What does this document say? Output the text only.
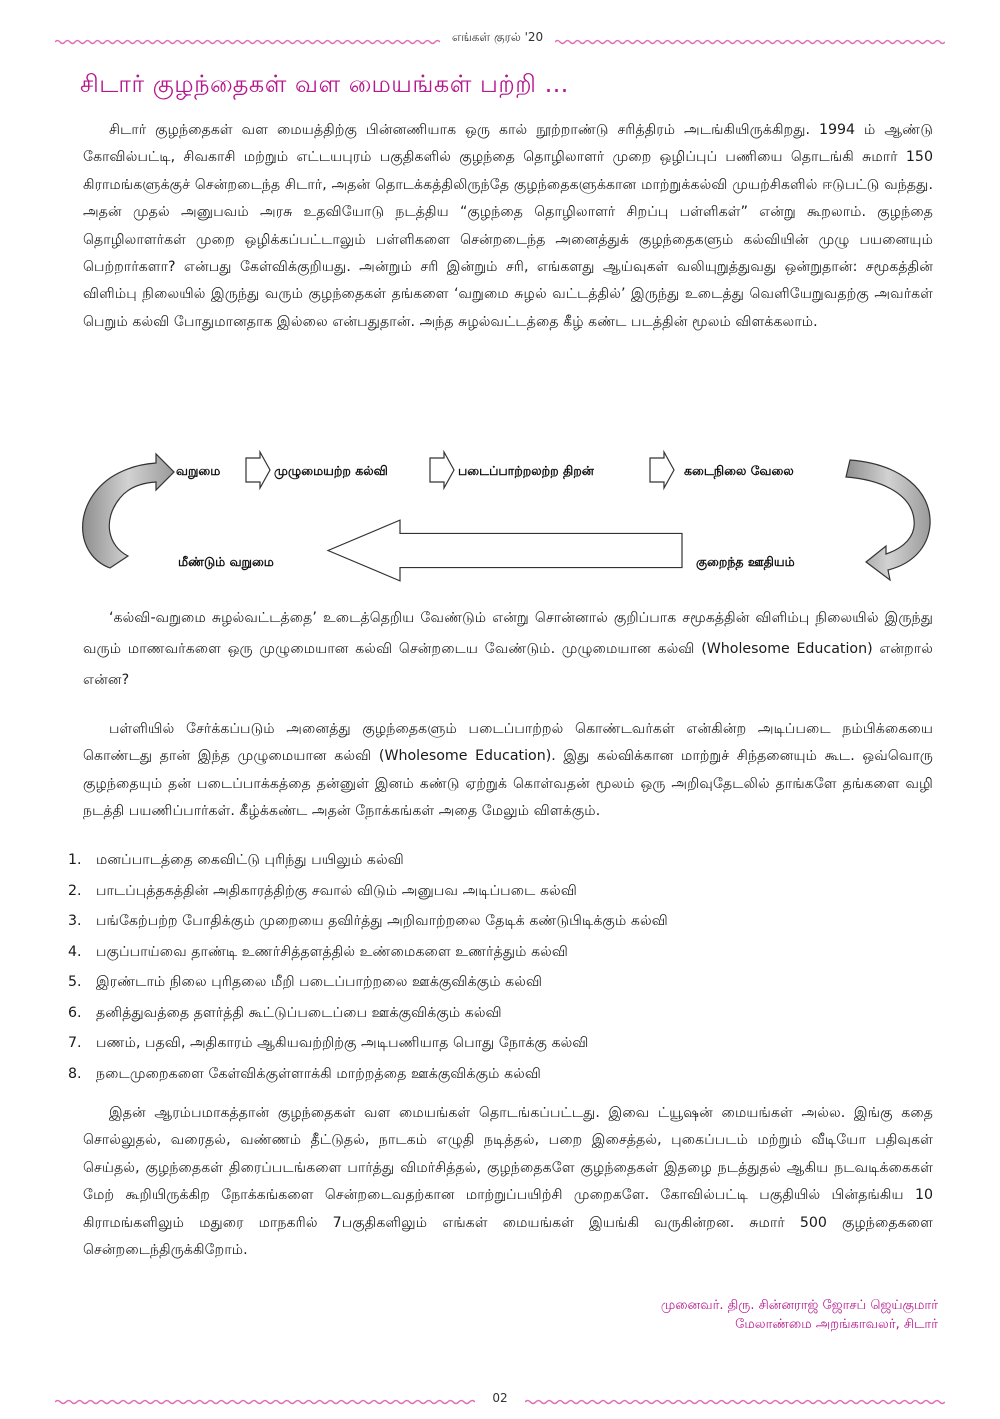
எங்கள் குரல் '20
சிடார் குழந்தைகள் வள மையங்கள் பற்றி …

சிடார் குழந்தைகள் வள மையத்திற்கு பின்னணியாக ஒரு கால் நூற்றாண்டு சரித்திரம் அடங்கியிருக்கிறது. 1994 ம் ஆண்டு கோவில்பட்டி, சிவகாசி மற்றும் எட்டயபுரம் பகுதிகளில் குழந்தை தொழிலாளர் முறை ஒழிப்புப் பணியை தொடங்கி சுமார் 150 கிராமங்களுக்குச் சென்றடைந்த சிடார், அதன் தொடக்கத்திலிருந்தே குழந்தைகளுக்கான மாற்றுக்கல்வி முயற்சிகளில் ஈடுபட்டு வந்தது. அதன் முதல் அனுபவம் அரசு உதவியோடு நடத்திய “குழந்தை தொழிலாளர் சிறப்பு பள்ளிகள்” என்று கூறலாம். குழந்தை தொழிலாளர்கள் முறை ஒழிக்கப்பட்டாலும் பள்ளிகளை சென்றடைந்த அனைத்துக் குழந்தைகளும் கல்வியின் முழு பயனையும் பெற்றார்களா? என்பது கேள்விக்குறியது. அன்றும் சரி இன்றும் சரி, எங்களது ஆய்வுகள் வலியுறுத்துவது ஒன்றுதான்: சமூகத்தின் விளிம்பு நிலையில் இருந்து வரும் குழந்தைகள் தங்களை ‘வறுமை சுழல் வட்டத்தில்’ இருந்து உடைத்து வெளியேறுவதற்கு அவர்கள் பெறும் கல்வி போதுமானதாக இல்லை என்பதுதான். அந்த சுழல்வட்டத்தை கீழ் கண்ட படத்தின் மூலம் விளக்கலாம்.

வறுமை	முழுமையற்ற கல்வி	படைப்பாற்றலற்ற திறன்	கடைநிலை வேலை
மீண்டும் வறுமை	குறைந்த ஊதியம்

‘கல்வி-வறுமை சுழல்வட்டத்தை’ உடைத்தெறிய வேண்டும் என்று சொன்னால் குறிப்பாக சமூகத்தின் விளிம்பு நிலையில் இருந்து வரும் மாணவர்களை ஒரு முழுமையான கல்வி சென்றடைய வேண்டும். முழுமையான கல்வி (Wholesome Education) என்றால் என்ன?

பள்ளியில் சேர்க்கப்படும் அனைத்து குழந்தைகளும் படைப்பாற்றல் கொண்டவர்கள் என்கின்ற அடிப்படை நம்பிக்கையை கொண்டது தான் இந்த முழுமையான கல்வி (Wholesome Education). இது கல்விக்கான மாற்றுச் சிந்தனையும் கூட. ஒவ்வொரு குழந்தையும் தன் படைப்பாக்கத்தை தன்னுள் இனம் கண்டு ஏற்றுக் கொள்வதன் மூலம் ஒரு அறிவுதேடலில் தாங்களே தங்களை வழி நடத்தி பயணிப்பார்கள். கீழ்க்கண்ட அதன் நோக்கங்கள் அதை மேலும் விளக்கும்.

1. மனப்பாடத்தை கைவிட்டு புரிந்து பயிலும் கல்வி
2. பாடப்புத்தகத்தின் அதிகாரத்திற்கு சவால் விடும் அனுபவ அடிப்படை கல்வி
3. பங்கேற்பற்ற போதிக்கும் முறையை தவிர்த்து அறிவாற்றலை தேடிக் கண்டுபிடிக்கும் கல்வி
4. பகுப்பாய்வை தாண்டி உணர்சித்தளத்தில் உண்மைகளை உணர்த்தும் கல்வி
5. இரண்டாம் நிலை புரிதலை மீறி படைப்பாற்றலை ஊக்குவிக்கும் கல்வி
6. தனித்துவத்தை தளர்த்தி கூட்டுப்படைப்பை ஊக்குவிக்கும் கல்வி
7. பணம், பதவி, அதிகாரம் ஆகியவற்றிற்கு அடிபணியாத பொது நோக்கு கல்வி
8. நடைமுறைகளை கேள்விக்குள்ளாக்கி மாற்றத்தை ஊக்குவிக்கும் கல்வி

இதன் ஆரம்பமாகத்தான் குழந்தைகள் வள மையங்கள் தொடங்கப்பட்டது. இவை ட்யூஷன் மையங்கள் அல்ல. இங்கு கதை சொல்லுதல், வரைதல், வண்ணம் தீட்டுதல், நாடகம் எழுதி நடித்தல், பறை இசைத்தல், புகைப்படம் மற்றும் வீடியோ பதிவுகள் செய்தல், குழந்தைகள் திரைப்படங்களை பார்த்து விமர்சித்தல், குழந்தைகளே குழந்தைகள் இதழை நடத்துதல் ஆகிய நடவடிக்கைகள் மேற் கூறியிருக்கிற நோக்கங்களை சென்றடைவதற்கான மாற்றுப்பயிற்சி முறைகளே. கோவில்பட்டி பகுதியில் பின்தங்கிய 10 கிராமங்களிலும் மதுரை மாநகரில் 7பகுதிகளிலும் எங்கள் மையங்கள் இயங்கி வருகின்றன. சுமார் 500 குழந்தைகளை சென்றடைந்திருக்கிறோம்.

முனைவர். திரு. சின்னராஜ் ஜோசப் ஜெய்குமார்
மேலாண்மை அறங்காவலர், சிடார்
02
